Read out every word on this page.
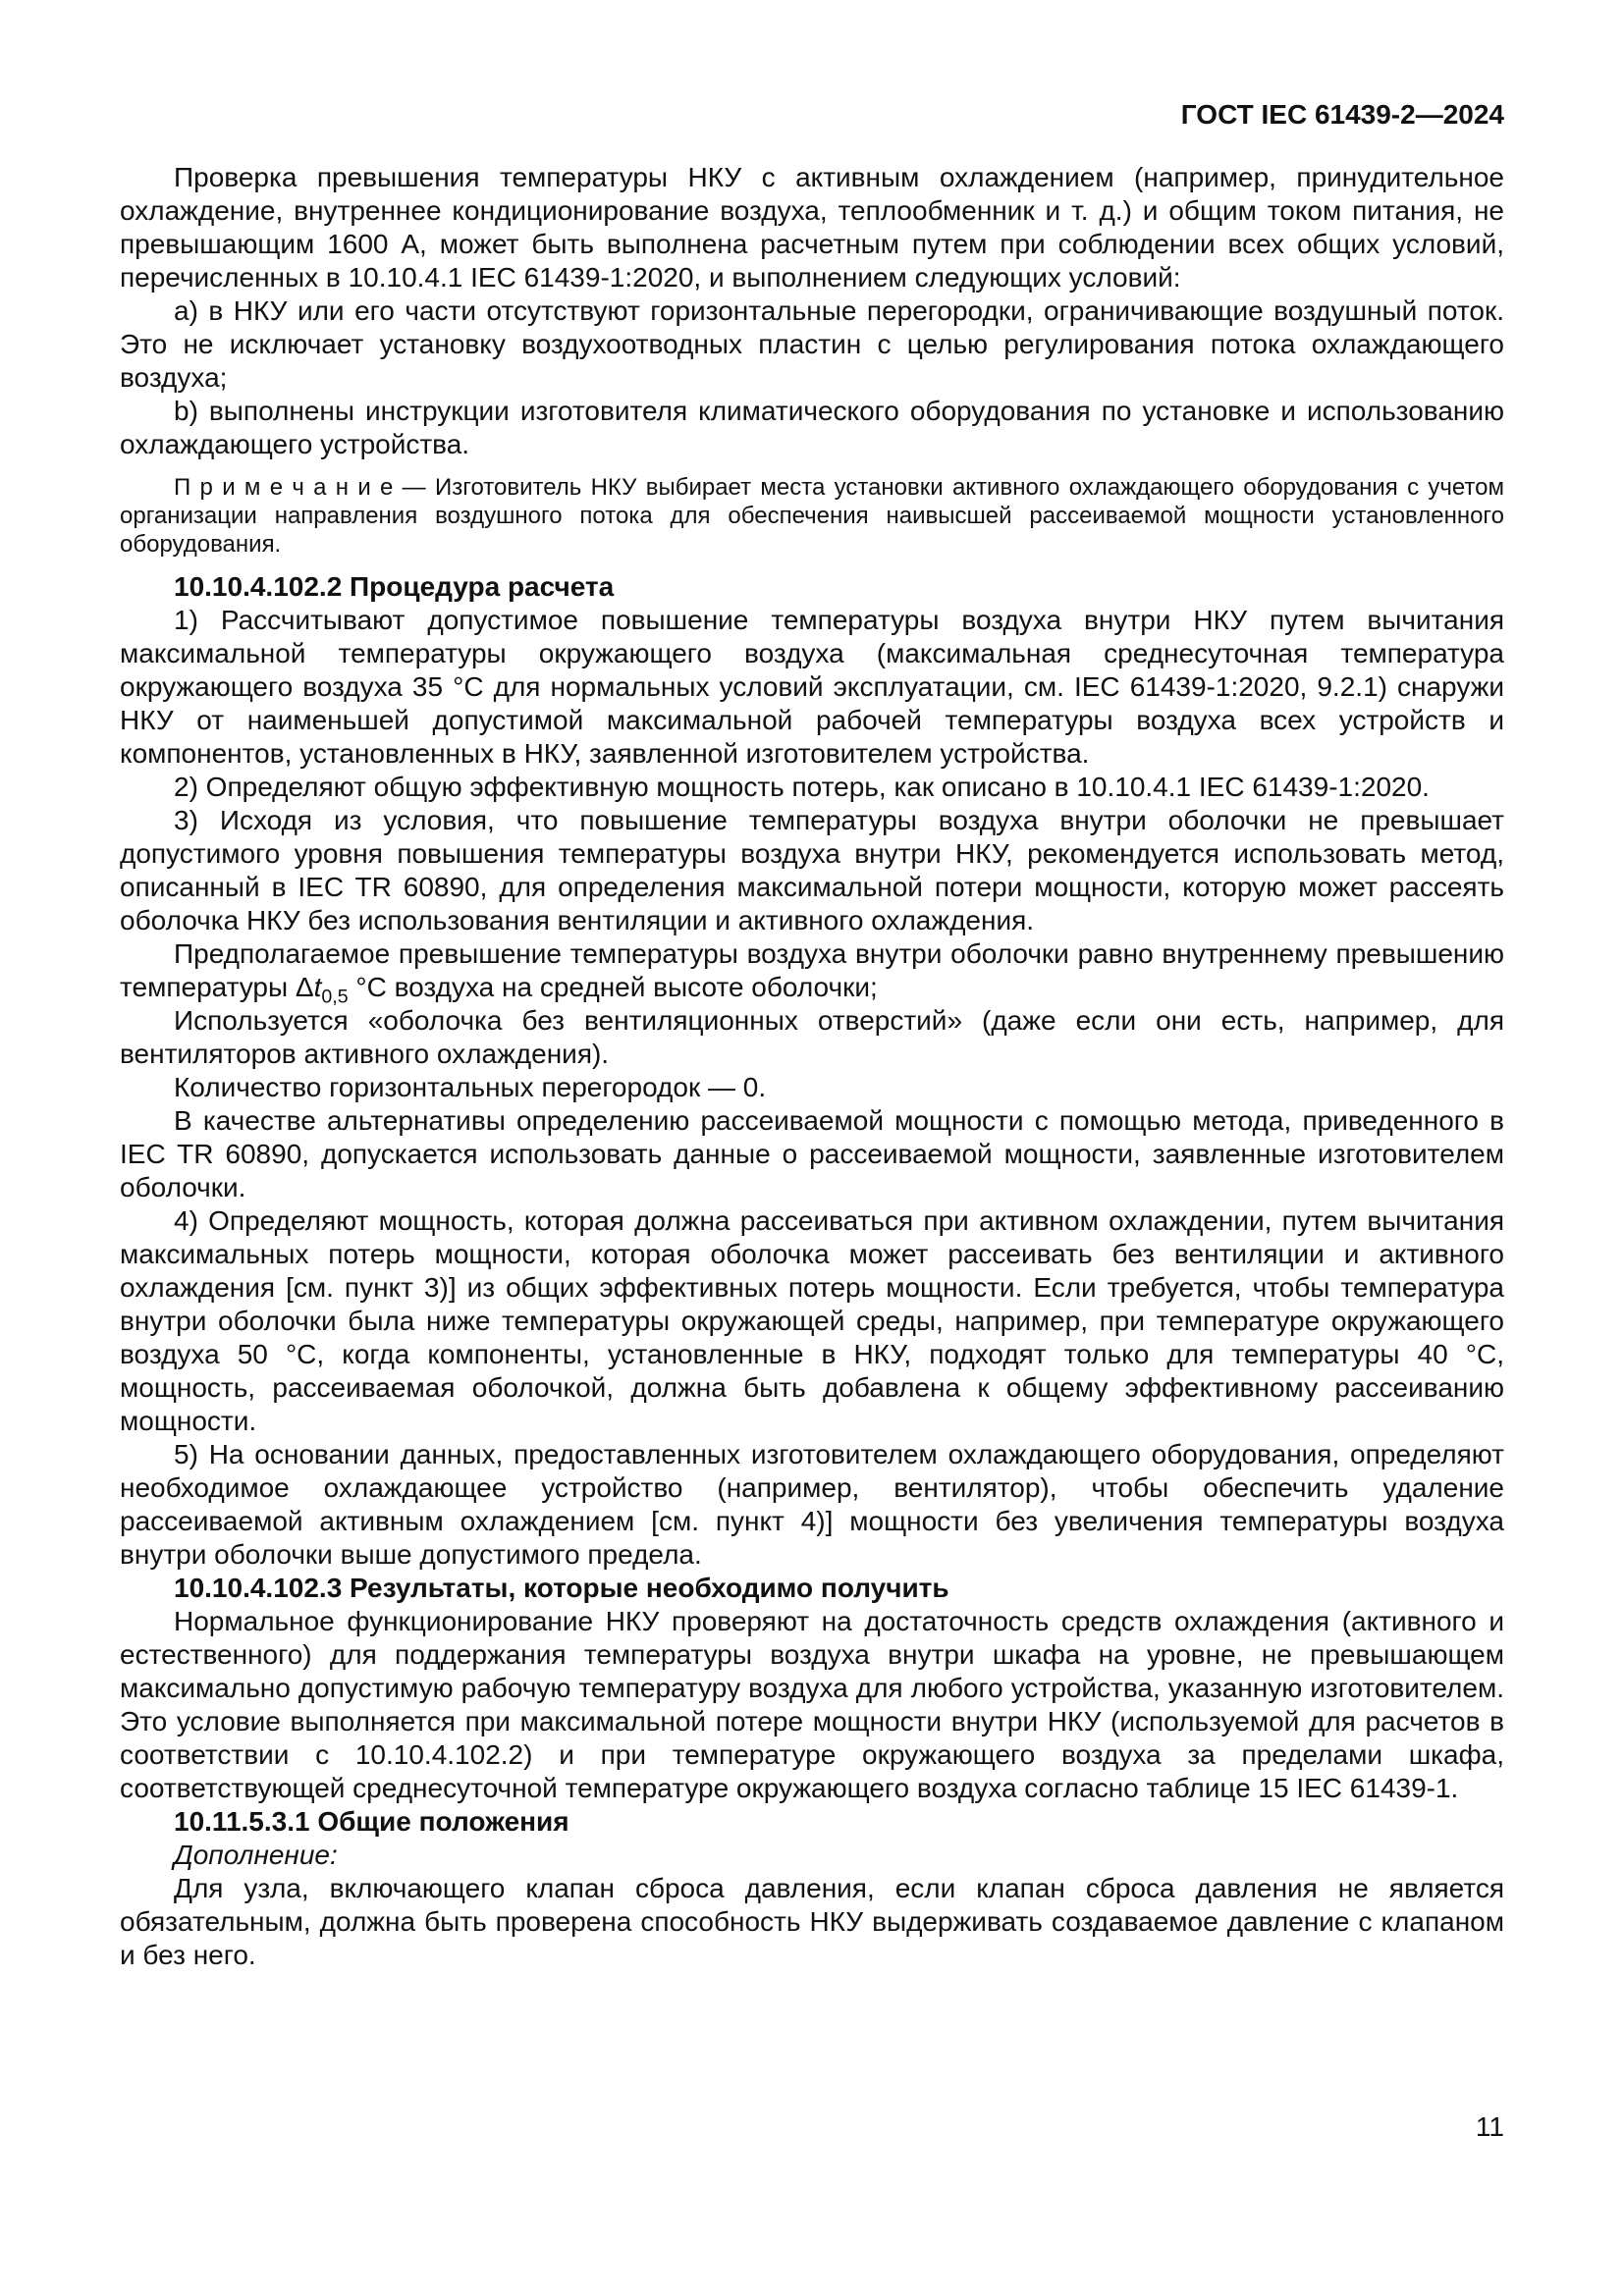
ГОСТ IEC 61439-2—2024

Проверка превышения температуры НКУ с активным охлаждением (например, принудительное охлаждение, внутреннее кондиционирование воздуха, теплообменник и т. д.) и общим током питания, не превышающим 1600 А, может быть выполнена расчетным путем при соблюдении всех общих условий, перечисленных в 10.10.4.1 IEC 61439-1:2020, и выполнением следующих условий:

a) в НКУ или его части отсутствуют горизонтальные перегородки, ограничивающие воздушный поток. Это не исключает установку воздухоотводных пластин с целью регулирования потока охлаждающего воздуха;

b) выполнены инструкции изготовителя климатического оборудования по установке и использованию охлаждающего устройства.

П р и м е ч а н и е — Изготовитель НКУ выбирает места установки активного охлаждающего оборудования с учетом организации направления воздушного потока для обеспечения наивысшей рассеиваемой мощности установленного оборудования.

10.10.4.102.2 Процедура расчета

1) Рассчитывают допустимое повышение температуры воздуха внутри НКУ путем вычитания максимальной температуры окружающего воздуха (максимальная среднесуточная температура окружающего воздуха 35 °С для нормальных условий эксплуатации, см. IEC 61439-1:2020, 9.2.1) снаружи НКУ от наименьшей допустимой максимальной рабочей температуры воздуха всех устройств и компонентов, установленных в НКУ, заявленной изготовителем устройства.

2) Определяют общую эффективную мощность потерь, как описано в 10.10.4.1 IEC 61439-1:2020.

3) Исходя из условия, что повышение температуры воздуха внутри оболочки не превышает допустимого уровня повышения температуры воздуха внутри НКУ, рекомендуется использовать метод, описанный в IEC TR 60890, для определения максимальной потери мощности, которую может рассеять оболочка НКУ без использования вентиляции и активного охлаждения.

Предполагаемое превышение температуры воздуха внутри оболочки равно внутреннему превышению температуры $\Delta t_{0,5}$ °С воздуха на средней высоте оболочки;

Используется «оболочка без вентиляционных отверстий» (даже если они есть, например, для вентиляторов активного охлаждения).

Количество горизонтальных перегородок — 0.

В качестве альтернативы определению рассеиваемой мощности с помощью метода, приведенного в IEC TR 60890, допускается использовать данные о рассеиваемой мощности, заявленные изготовителем оболочки.

4) Определяют мощность, которая должна рассеиваться при активном охлаждении, путем вычитания максимальных потерь мощности, которая оболочка может рассеивать без вентиляции и активного охлаждения [см. пункт 3)] из общих эффективных потерь мощности. Если требуется, чтобы температура внутри оболочки была ниже температуры окружающей среды, например, при температуре окружающего воздуха 50 °С, когда компоненты, установленные в НКУ, подходят только для температуры 40 °С, мощность, рассеиваемая оболочкой, должна быть добавлена к общему эффективному рассеиванию мощности.

5) На основании данных, предоставленных изготовителем охлаждающего оборудования, определяют необходимое охлаждающее устройство (например, вентилятор), чтобы обеспечить удаление рассеиваемой активным охлаждением [см. пункт 4)] мощности без увеличения температуры воздуха внутри оболочки выше допустимого предела.

10.10.4.102.3 Результаты, которые необходимо получить

Нормальное функционирование НКУ проверяют на достаточность средств охлаждения (активного и естественного) для поддержания температуры воздуха внутри шкафа на уровне, не превышающем максимально допустимую рабочую температуру воздуха для любого устройства, указанную изготовителем. Это условие выполняется при максимальной потере мощности внутри НКУ (используемой для расчетов в соответствии с 10.10.4.102.2) и при температуре окружающего воздуха за пределами шкафа, соответствующей среднесуточной температуре окружающего воздуха согласно таблице 15 IEC 61439-1.

10.11.5.3.1 Общие положения

Дополнение:

Для узла, включающего клапан сброса давления, если клапан сброса давления не является обязательным, должна быть проверена способность НКУ выдерживать создаваемое давление с клапаном и без него.

11
